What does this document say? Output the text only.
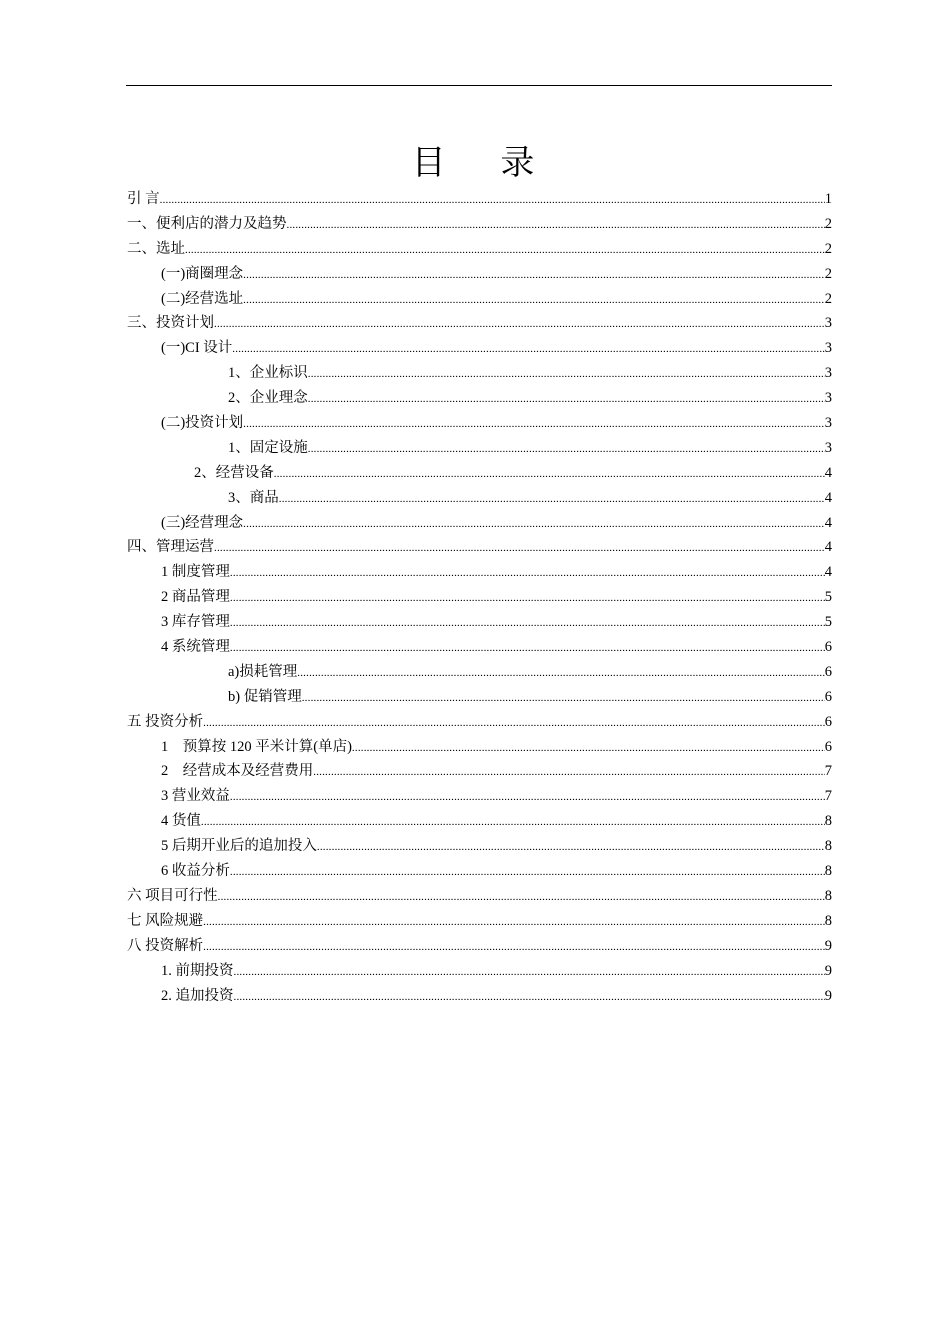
目 录
引 言 .....	1
一、便利店的潜力及趋势 .....	2
二、选址 .....	2
(一)商圈理念 .....	2
(二)经营选址 .....	2
三、投资计划 .....	3
(一)CI 设计 .....	3
1、企业标识 .....	3
2、企业理念 .....	3
(二)投资计划 .....	3
1、固定设施 .....	3
2、经营设备 .....	4
3、商品 .....	4
(三)经营理念 .....	4
四、管理运营 .....	4
1 制度管理 .....	4
2 商品管理 .....	5
3 库存管理 .....	5
4 系统管理 .....	6
a)损耗管理 .....	6
b) 促销管理 .....	6
五 投资分析 .....	6
1　预算按 120 平米计算(单店) .....	6
2　经营成本及经营费用 .....	7
3 营业效益 .....	7
4 货值 .....	8
5 后期开业后的追加投入 .....	8
6 收益分析 .....	8
六 项目可行性 .....	8
七 风险规避 .....	8
八 投资解析 .....	9
1. 前期投资 .....	9
2. 追加投资 .....	9
